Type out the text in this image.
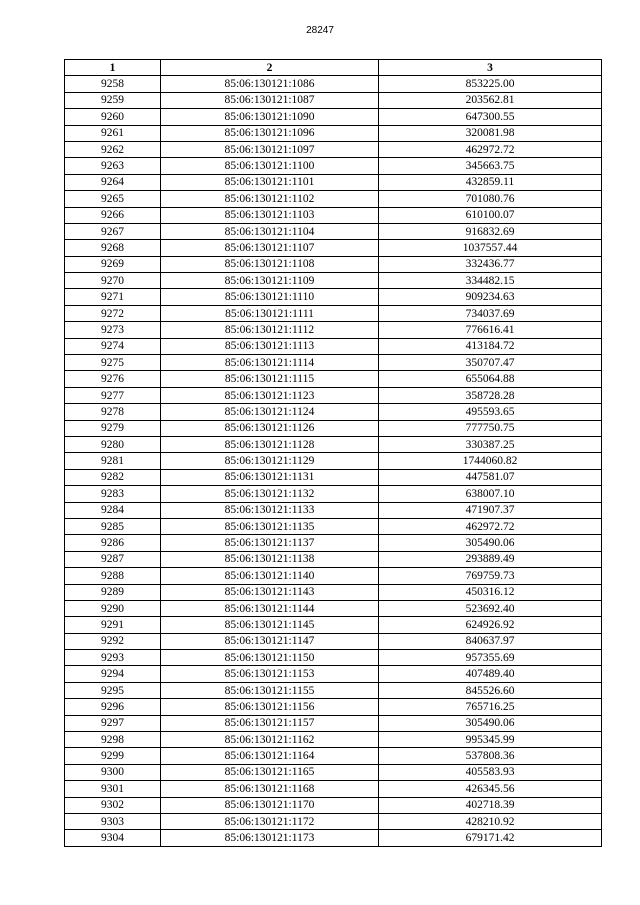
28247
1	2	3
9258	85:06:130121:1086	853225.00
9259	85:06:130121:1087	203562.81
9260	85:06:130121:1090	647300.55
9261	85:06:130121:1096	320081.98
9262	85:06:130121:1097	462972.72
9263	85:06:130121:1100	345663.75
9264	85:06:130121:1101	432859.11
9265	85:06:130121:1102	701080.76
9266	85:06:130121:1103	610100.07
9267	85:06:130121:1104	916832.69
9268	85:06:130121:1107	1037557.44
9269	85:06:130121:1108	332436.77
9270	85:06:130121:1109	334482.15
9271	85:06:130121:1110	909234.63
9272	85:06:130121:1111	734037.69
9273	85:06:130121:1112	776616.41
9274	85:06:130121:1113	413184.72
9275	85:06:130121:1114	350707.47
9276	85:06:130121:1115	655064.88
9277	85:06:130121:1123	358728.28
9278	85:06:130121:1124	495593.65
9279	85:06:130121:1126	777750.75
9280	85:06:130121:1128	330387.25
9281	85:06:130121:1129	1744060.82
9282	85:06:130121:1131	447581.07
9283	85:06:130121:1132	638007.10
9284	85:06:130121:1133	471907.37
9285	85:06:130121:1135	462972.72
9286	85:06:130121:1137	305490.06
9287	85:06:130121:1138	293889.49
9288	85:06:130121:1140	769759.73
9289	85:06:130121:1143	450316.12
9290	85:06:130121:1144	523692.40
9291	85:06:130121:1145	624926.92
9292	85:06:130121:1147	840637.97
9293	85:06:130121:1150	957355.69
9294	85:06:130121:1153	407489.40
9295	85:06:130121:1155	845526.60
9296	85:06:130121:1156	765716.25
9297	85:06:130121:1157	305490.06
9298	85:06:130121:1162	995345.99
9299	85:06:130121:1164	537808.36
9300	85:06:130121:1165	405583.93
9301	85:06:130121:1168	426345.56
9302	85:06:130121:1170	402718.39
9303	85:06:130121:1172	428210.92
9304	85:06:130121:1173	679171.42
